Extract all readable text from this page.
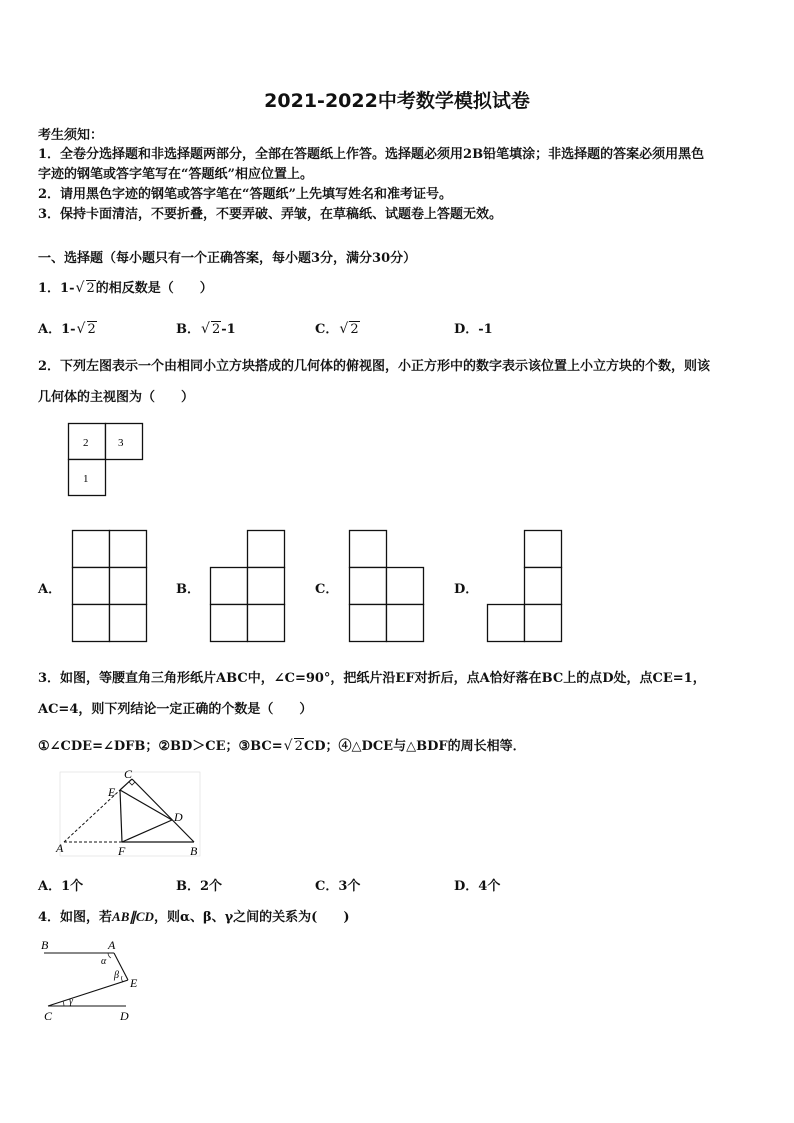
2021-2022中考数学模拟试卷
考生须知：
1．全卷分选择题和非选择题两部分，全部在答题纸上作答。选择题必须用2B铅笔填涂；非选择题的答案必须用黑色
字迹的钢笔或答字笔写在“答题纸”相应位置上。
2．请用黑色字迹的钢笔或答字笔在“答题纸”上先填写姓名和准考证号。
3．保持卡面清洁，不要折叠，不要弄破、弄皱，在草稿纸、试题卷上答题无效。
一、选择题（每小题只有一个正确答案，每小题3分，满分30分）
1．1- √ 2的相反数是（　　）
A．1- √ 2	B． √ 2-1	C． √ 2	D．-1
2．下列左图表示一个由相同小立方块搭成的几何体的俯视图，小正方形中的数字表示该位置上小立方块的个数，则该
几何体的主视图为（　　）
2	3
1
A．	B．	C．	D．
3．如图，等腰直角三角形纸片ABC中，∠C=90°，把纸片沿EF对折后，点A恰好落在BC上的点D处，点CE=1，
AC=4，则下列结论一定正确的个数是（　　）
①∠CDE=∠DFB；②BD＞CE；③BC= √ 2CD；④△DCE与△BDF的周长相等．
C
E
D
A	F	B
A．1个	B．2个	C．3个	D．4个
4．如图，若AB∥CD，则α、β、γ之间的关系为(　　)
B	A
α
β
E
γ
C	D
